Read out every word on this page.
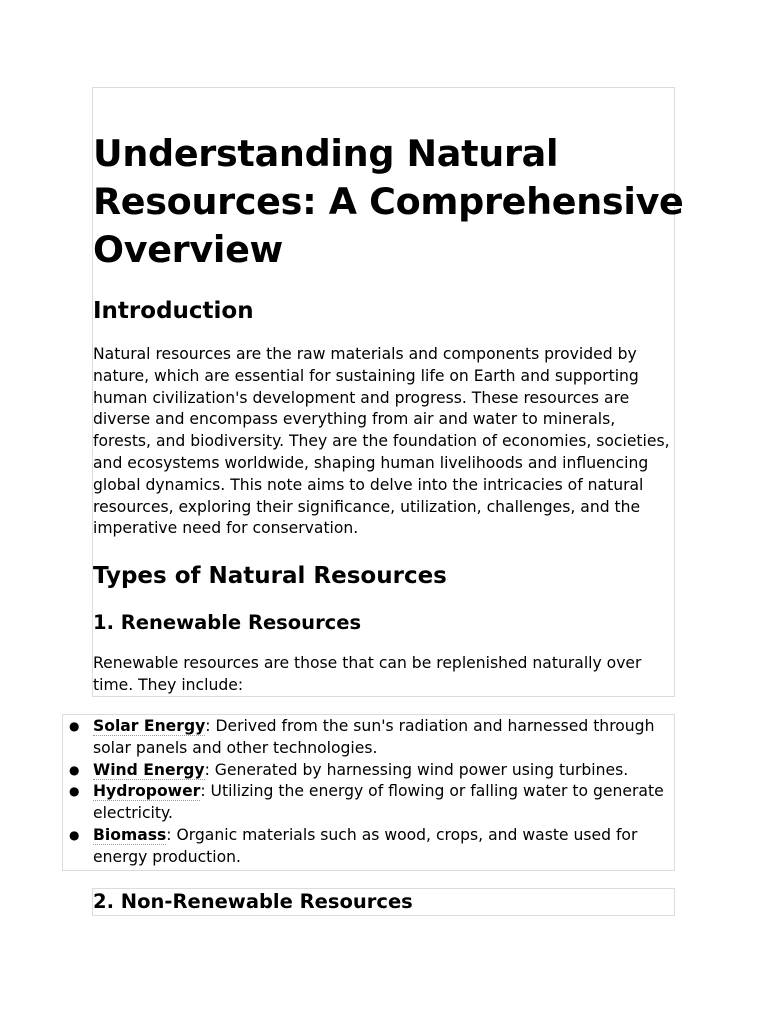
Understanding Natural Resources: A Comprehensive Overview
Introduction

Natural resources are the raw materials and components provided by nature, which are essential for sustaining life on Earth and supporting human civilization's development and progress. These resources are diverse and encompass everything from air and water to minerals, forests, and biodiversity. They are the foundation of economies, societies, and ecosystems worldwide, shaping human livelihoods and influencing global dynamics. This note aims to delve into the intricacies of natural resources, exploring their significance, utilization, challenges, and the imperative need for conservation.

Types of Natural Resources
1. Renewable Resources

Renewable resources are those that can be replenished naturally over time. They include:

● Solar Energy: Derived from the sun's radiation and harnessed through solar panels and other technologies.
● Wind Energy: Generated by harnessing wind power using turbines.
● Hydropower: Utilizing the energy of flowing or falling water to generate electricity.
● Biomass: Organic materials such as wood, crops, and waste used for energy production.
2. Non-Renewable Resources
